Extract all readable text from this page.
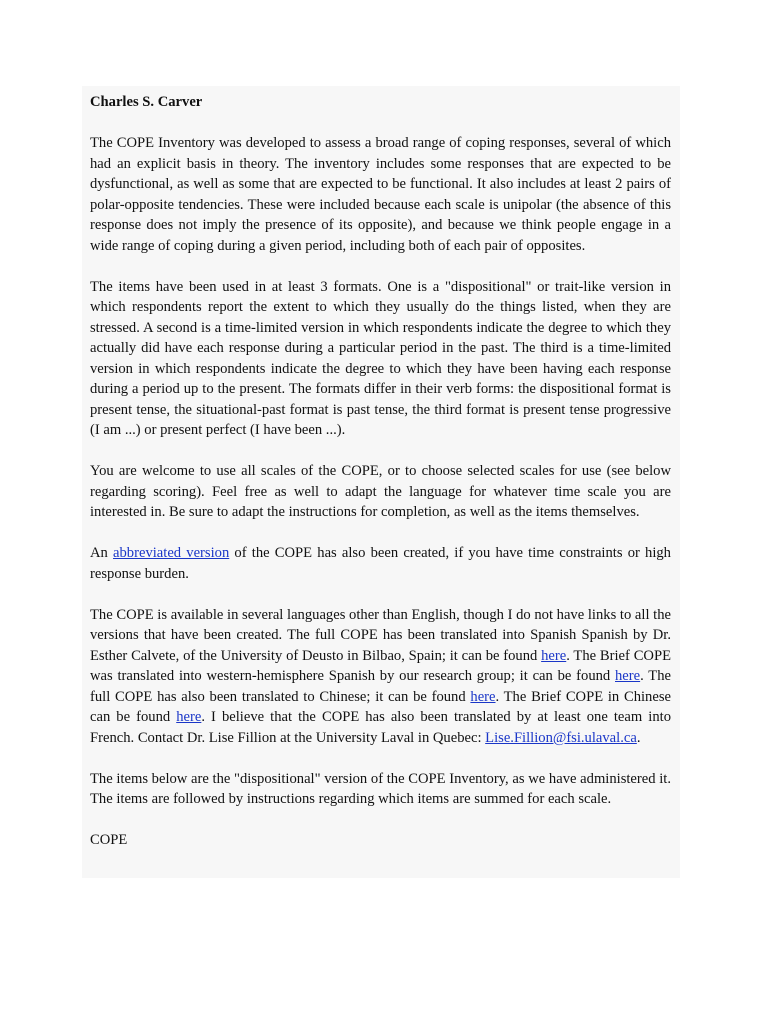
Charles S. Carver

The COPE Inventory was developed to assess a broad range of coping responses, several of which had an explicit basis in theory. The inventory includes some responses that are expected to be dysfunctional, as well as some that are expected to be functional. It also includes at least 2 pairs of polar-opposite tendencies. These were included because each scale is unipolar (the absence of this response does not imply the presence of its opposite), and because we think people engage in a wide range of coping during a given period, including both of each pair of opposites.

The items have been used in at least 3 formats. One is a "dispositional" or trait-like version in which respondents report the extent to which they usually do the things listed, when they are stressed. A second is a time-limited version in which respondents indicate the degree to which they actually did have each response during a particular period in the past. The third is a time-limited version in which respondents indicate the degree to which they have been having each response during a period up to the present. The formats differ in their verb forms: the dispositional format is present tense, the situational-past format is past tense, the third format is present tense progressive (I am ...) or present perfect (I have been ...).

You are welcome to use all scales of the COPE, or to choose selected scales for use (see below regarding scoring). Feel free as well to adapt the language for whatever time scale you are interested in. Be sure to adapt the instructions for completion, as well as the items themselves.

An abbreviated version of the COPE has also been created, if you have time constraints or high response burden.

The COPE is available in several languages other than English, though I do not have links to all the versions that have been created. The full COPE has been translated into Spanish Spanish by Dr. Esther Calvete, of the University of Deusto in Bilbao, Spain; it can be found here. The Brief COPE was translated into western-hemisphere Spanish by our research group; it can be found here. The full COPE has also been translated to Chinese; it can be found here. The Brief COPE in Chinese can be found here. I believe that the COPE has also been translated by at least one team into French. Contact Dr. Lise Fillion at the University Laval in Quebec: Lise.Fillion@fsi.ulaval.ca.

The items below are the "dispositional" version of the COPE Inventory, as we have administered it. The items are followed by instructions regarding which items are summed for each scale.

COPE
